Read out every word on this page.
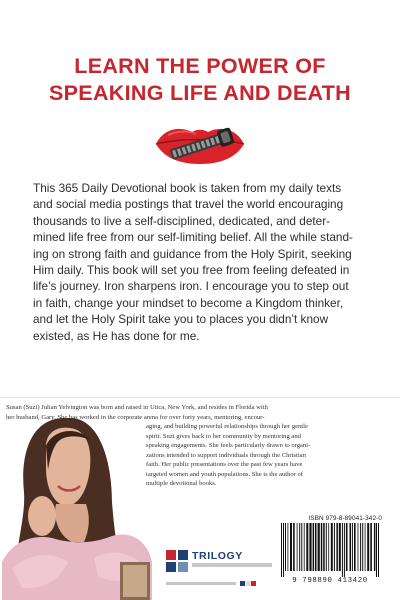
LEARN THE POWER OF
SPEAKING LIFE AND DEATH
This 365 Daily Devotional book is taken from my daily texts
and social media postings that travel the world encouraging
thousands to live a self-disciplined, dedicated, and deter-
mined life free from our self-limiting belief. All the while stand-
ing on strong faith and guidance from the Holy Spirit, seeking
Him daily. This book will set you free from feeling defeated in
life’s journey. Iron sharpens iron. I encourage you to step out
in faith, change your mindset to become a Kingdom thinker,
and let the Holy Spirit take you to places you didn’t know
existed, as He has done for me.
Susan (Suzi) Julian Yelvington was born and raised in Utica, New York, and resides in Florida with
her husband, Gary. She has worked in the corporate arena for over forty years, mentoring, encour-
aging, and building powerful relationships through her gentle
spirit. Suzi gives back to her community by mentoring and
speaking engagements. She feels particularly drawn to organi-
zations intended to support individuals through the Christian
faith. Her public presentations over the past few years have
targeted women and youth populations. She is the author of
multiple devotional books.
TRILOGY
ISBN 979-8-89041-342-0
9 798890 413420
